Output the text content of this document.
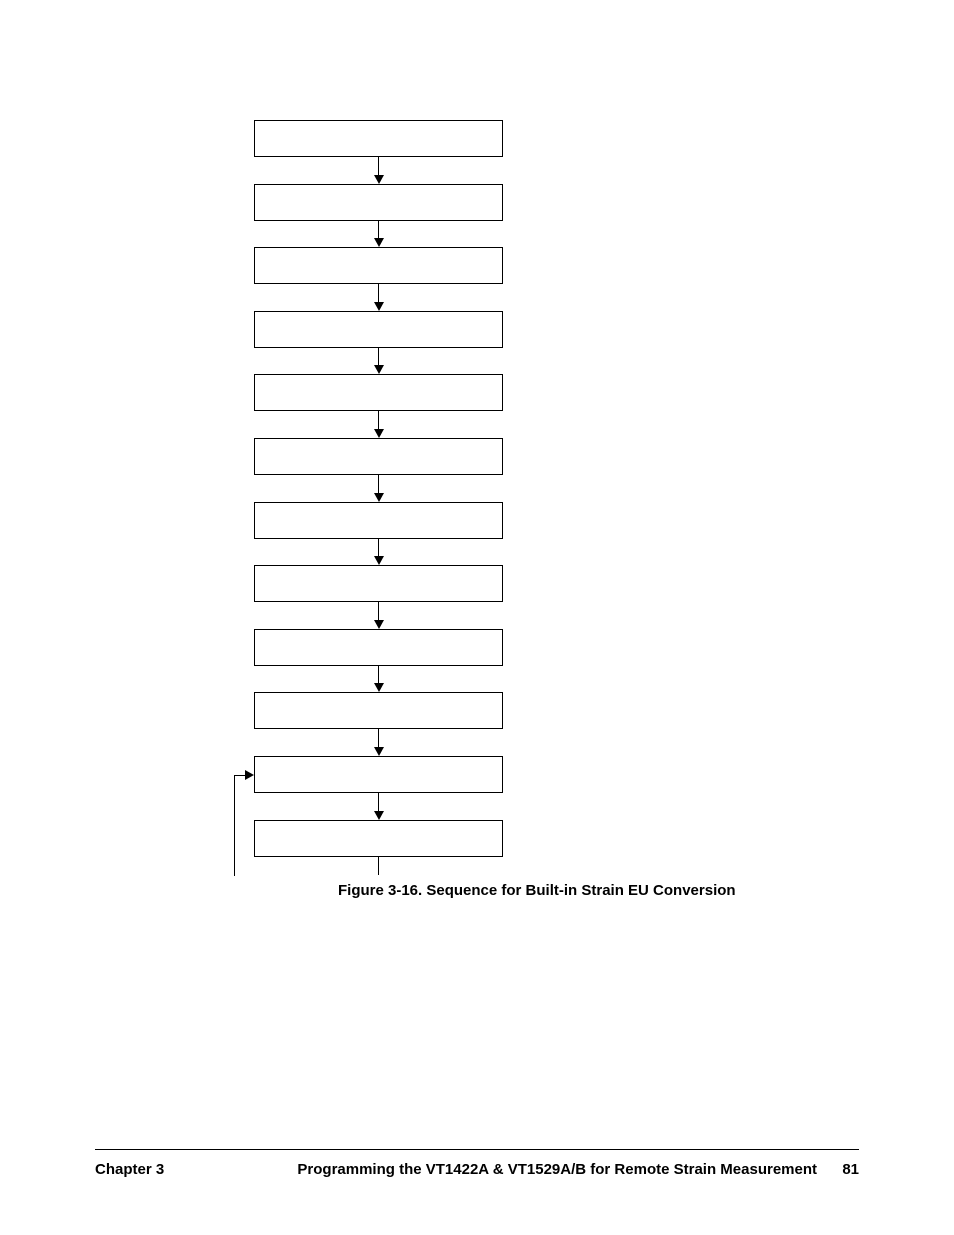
Figure 3-16. Sequence for Built-in Strain EU Conversion
Chapter 3	Programming the VT1422A & VT1529A/B for Remote Strain Measurement 81
